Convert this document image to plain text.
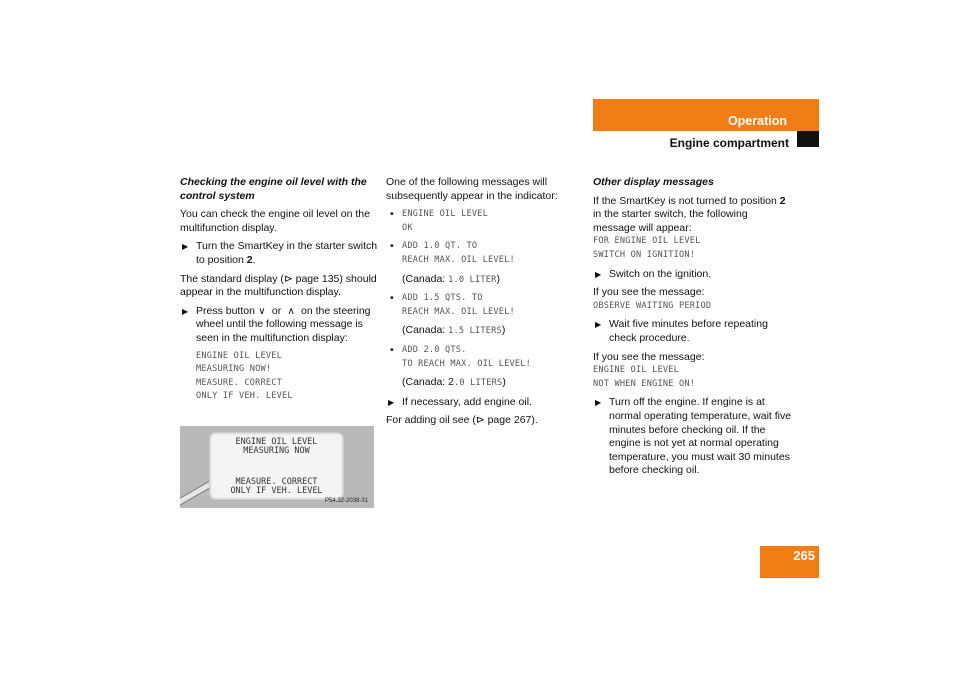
Operation
Engine compartment

Checking the engine oil level with the control system

You can check the engine oil level on the multifunction display.

▶ Turn the SmartKey in the starter switch to position 2.

The standard display (⊳ page 135) should appear in the multifunction display.

▶ Press button ∨ or ∧ on the steering wheel until the following message is seen in the multifunction display:
ENGINE OIL LEVEL
MEASURING NOW!
MEASURE. CORRECT
ONLY IF VEH. LEVEL
ENGINE OIL LEVEL
MEASURING NOW
MEASURE. CORRECT
ONLY IF VEH. LEVEL
P54.32-2038-31

One of the following messages will subsequently appear in the indicator:

• ENGINE OIL LEVEL
OK
• ADD 1.0 QT. TO
REACH MAX. OIL LEVEL!

(Canada: 1.0 LITER)

• ADD 1.5 QTS. TO
REACH MAX. OIL LEVEL!

(Canada: 1.5 LITERS)

• ADD 2.0 QTS.
TO REACH MAX. OIL LEVEL!

(Canada: 2.0 LITERS)

▶ If necessary, add engine oil.

For adding oil see (⊳ page 267).

Other display messages

If the SmartKey is not turned to position 2 in the starter switch, the following message will appear:
FOR ENGINE OIL LEVEL
SWITCH ON IGNITION!

▶ Switch on the ignition.

If you see the message:
OBSERVE WAITING PERIOD

▶ Wait five minutes before repeating check procedure.

If you see the message:
ENGINE OIL LEVEL
NOT WHEN ENGINE ON!

▶ Turn off the engine. If engine is at normal operating temperature, wait five minutes before checking oil. If the engine is not yet at normal operating temperature, you must wait 30 minutes before checking oil.
265
